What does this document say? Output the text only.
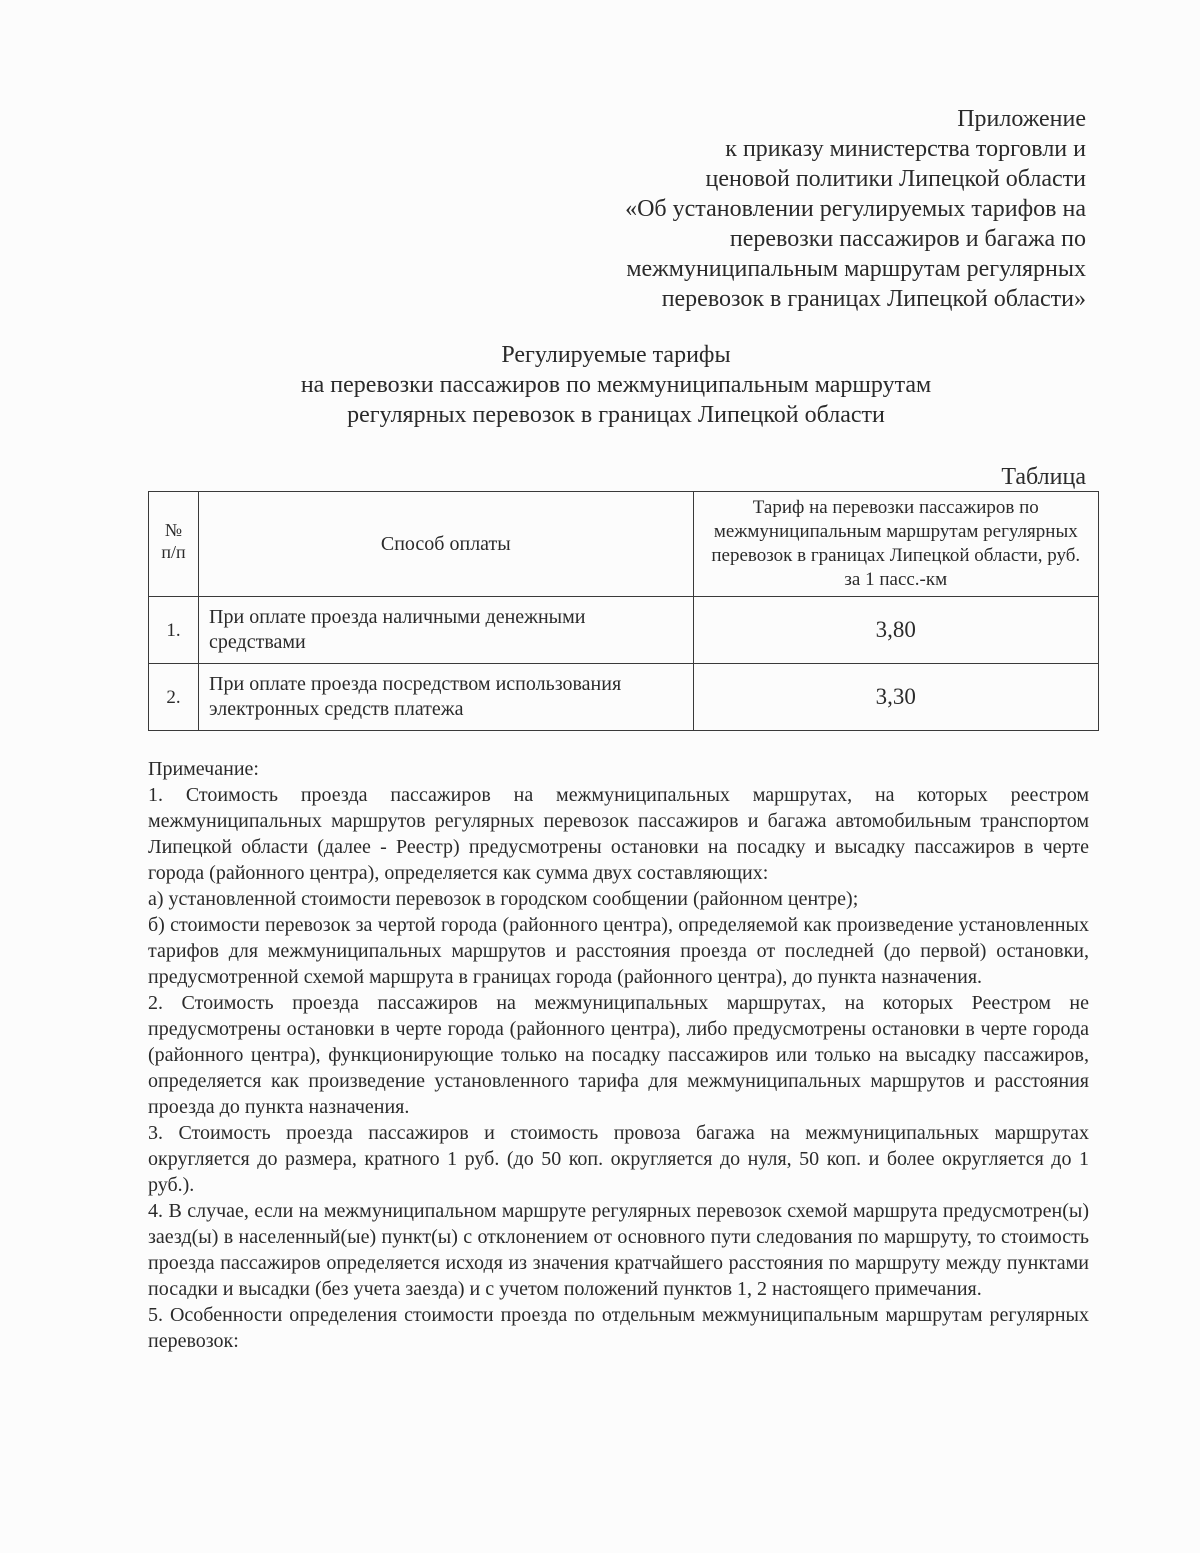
Приложение
к приказу министерства торговли и
ценовой политики Липецкой области
«Об установлении регулируемых тарифов на
перевозки пассажиров и багажа по
межмуниципальным маршрутам регулярных
перевозок в границах Липецкой области»
Регулируемые тарифы
на перевозки пассажиров по межмуниципальным маршрутам
регулярных перевозок в границах Липецкой области
Таблица
№
п/п	Способ оплаты	Тариф на перевозки пассажиров по межмуниципальным маршрутам регулярных перевозок в границах Липецкой области, руб. за 1 пасс.-км
1.	При оплате проезда наличными денежными средствами	3,80
2.	При оплате проезда посредством использования электронных средств платежа	3,30

Примечание:

1. Стоимость проезда пассажиров на межмуниципальных маршрутах, на которых реестром межмуниципальных маршрутов регулярных перевозок пассажиров и багажа автомобильным транспортом Липецкой области (далее - Реестр) предусмотрены остановки на посадку и высадку пассажиров в черте города (районного центра), определяется как сумма двух составляющих:

а) установленной стоимости перевозок в городском сообщении (районном центре);

б) стоимости перевозок за чертой города (районного центра), определяемой как произведение установленных тарифов для межмуниципальных маршрутов и расстояния проезда от последней (до первой) остановки, предусмотренной схемой маршрута в границах города (районного центра), до пункта назначения.

2. Стоимость проезда пассажиров на межмуниципальных маршрутах, на которых Реестром не предусмотрены остановки в черте города (районного центра), либо предусмотрены остановки в черте города (районного центра), функционирующие только на посадку пассажиров или только на высадку пассажиров, определяется как произведение установленного тарифа для межмуниципальных маршрутов и расстояния проезда до пункта назначения.

3. Стоимость проезда пассажиров и стоимость провоза багажа на межмуниципальных маршрутах округляется до размера, кратного 1 руб. (до 50 коп. округляется до нуля, 50 коп. и более округляется до 1 руб.).

4. В случае, если на межмуниципальном маршруте регулярных перевозок схемой маршрута предусмотрен(ы) заезд(ы) в населенный(ые) пункт(ы) с отклонением от основного пути следования по маршруту, то стоимость проезда пассажиров определяется исходя из значения кратчайшего расстояния по маршруту между пунктами посадки и высадки (без учета заезда) и с учетом положений пунктов 1, 2 настоящего примечания.

5. Особенности определения стоимости проезда по отдельным межмуниципальным маршрутам регулярных перевозок:
